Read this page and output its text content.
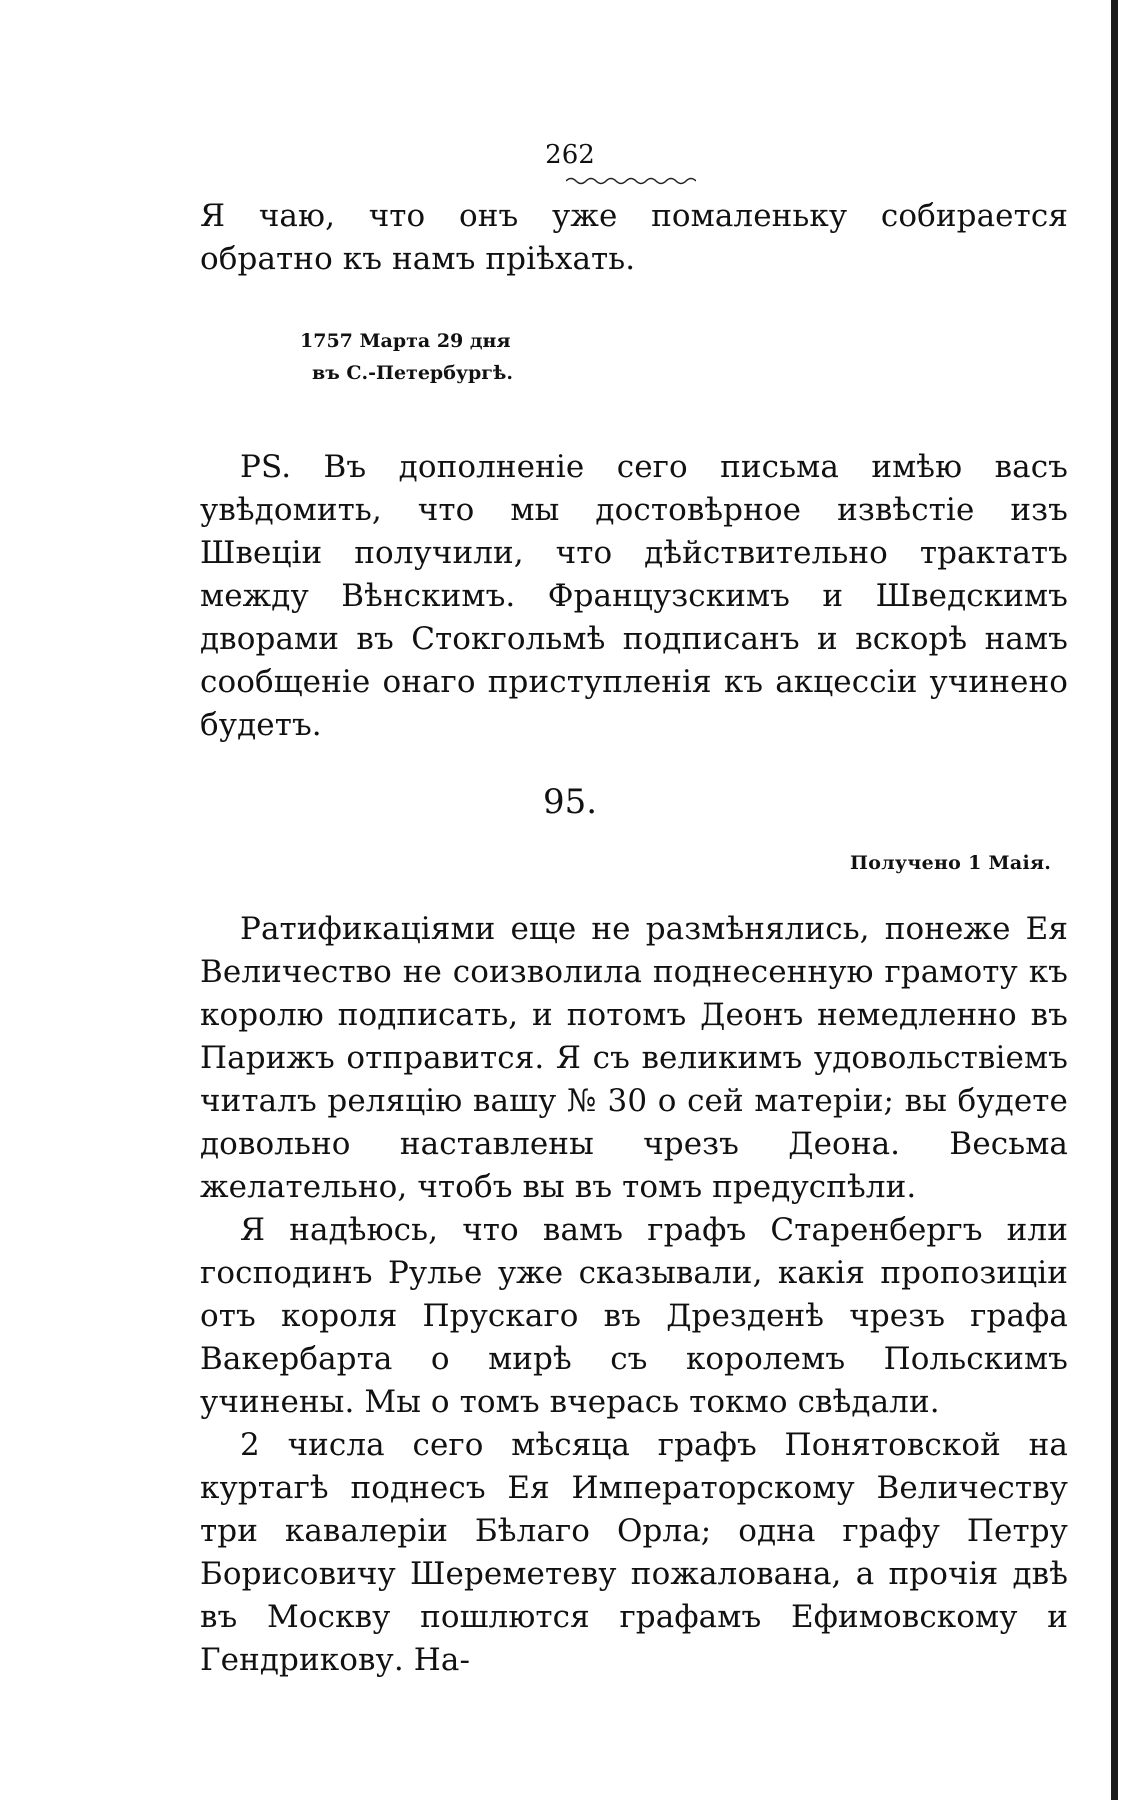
262

Я чаю, что онъ уже помаленьку собирается обратно къ намъ пріѣхать.

1757 Марта 29 дня
въ С.-Петербургѣ.

PS. Въ дополненіе сего письма имѣю васъ увѣдомить, что мы достовѣрное извѣстіе изъ Швеціи получили, что дѣйствительно трактатъ между Вѣнскимъ. Французскимъ и Шведскимъ дворами въ Стокгольмѣ подписанъ и вскорѣ намъ сообщеніе онаго приступленія къ акцессіи учинено будетъ.

95.
Получено 1 Маія.

Ратификаціями еще не размѣнялись, понеже Ея Величество не соизволила поднесенную грамоту къ королю подписать, и потомъ Деонъ немедленно въ Парижъ отправится. Я съ великимъ удовольствіемъ читалъ реляцію вашу № 30 о сей матеріи; вы будете довольно наставлены чрезъ Деона. Весьма желательно, чтобъ вы въ томъ предуспѣли.

Я надѣюсь, что вамъ графъ Старенбергъ или господинъ Рулье уже сказывали, какія пропозиціи отъ короля Прускаго въ Дрезденѣ чрезъ графа Вакербарта о мирѣ съ королемъ Польскимъ учинены. Мы о томъ вчерась токмо свѣдали.

2 числа сего мѣсяца графъ Понятовской на куртагѣ поднесъ Ея Императорскому Величеству три кавалеріи Бѣлаго Орла; одна графу Петру Борисовичу Шереметеву пожалована, а прочія двѣ въ Москву пошлются графамъ Ефимовскому и Гендрикову. На-
